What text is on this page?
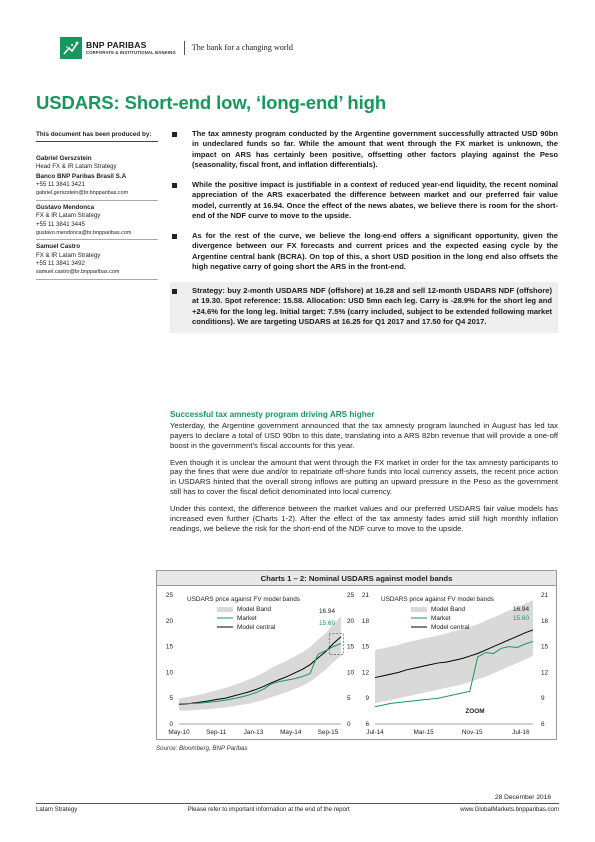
BNP PARIBAS
CORPORATE & INSTITUTIONAL BANKING
The bank for a changing world
USDARS: Short-end low, ‘long-end’ high
This document has been produced by:
Gabriel Gerszstein
Head FX & IR Latam Strategy
Banco BNP Paribas Brasil S.A
+55 11 3841 3421
gabriel.gerszstein@br.bnpparibas.com
Gustavo Mendonca
FX & IR Latam Strategy
+55 11 3841 3445
gustavo.mendonca@br.bnpparibas.com
Samuel Castro
FX & IR Latam Strategy
+55 11 3841 3492
samuel.castro@br.bnpparibas.com
The tax amnesty program conducted by the Argentine government successfully attracted USD 90bn in undeclared funds so far. While the amount that went through the FX market is unknown, the impact on ARS has certainly been positive, offsetting other factors playing against the Peso (seasonality, fiscal front, and inflation differentials).
While the positive impact is justifiable in a context of reduced year-end liquidity, the recent nominal appreciation of the ARS exacerbated the difference between market and our preferred fair value model, currently at 16.94. Once the effect of the news abates, we believe there is room for the short-end of the NDF curve to move to the upside.
As for the rest of the curve, we believe the long-end offers a significant opportunity, given the divergence between our FX forecasts and current prices and the expected easing cycle by the Argentine central bank (BCRA). On top of this, a short USD position in the long end also offsets the high negative carry of going short the ARS in the front-end.
Strategy: buy 2-month USDARS NDF (offshore) at 16.28 and sell 12-month USDARS NDF (offshore) at 19.30. Spot reference: 15.58. Allocation: USD 5mn each leg. Carry is -28.9% for the short leg and +24.6% for the long leg. Initial target: 7.5% (carry included, subject to be extended following market conditions). We are targeting USDARS at 16.25 for Q1 2017 and 17.50 for Q4 2017.
Successful tax amnesty program driving ARS higher

Yesterday, the Argentine government announced that the tax amnesty program launched in August has led tax payers to declare a total of USD 90bn to this date, translating into a ARS 82bn revenue that will provide a one-off boost in the government’s fiscal accounts for this year.

Even though it is unclear the amount that went through the FX market in order for the tax amnesty participants to pay the fines that were due and/or to repatriate off-shore funds into local currency assets, the recent price action in USDARS hinted that the overall strong inflows are putting an upward pressure in the Peso as the government still has to cover the fiscal deficit denominated into local currency.

Under this context, the difference between the market values and our preferred USDARS fair value models has increased even further (Charts 1-2). After the effect of the tax amnesty fades amid still high monthly inflation readings, we believe the risk for the short-end of the NDF curve to move to the upside.

Charts 1 – 2: Nominal USDARS against model bands
0	0
5	5
10	10
15	15
20	20
25	25
May-10	Sep-11	Jan-13	May-14	Sep-15
USDARS price against FV model bands
Model Band
Market
Model central
16.94
15.60
6	6
9	9
12	12
15	15
18	18
21	21
Jul-14	Mar-15	Nov-15	Jul-16
USDARS price against FV model bands
Model Band
Market
Model central
16.94
15.60
ZOOM
Source: Bloomberg, BNP Paribas
28 December 2016
Latam Strategy	Please refer to important information at the end of the report	www.GlobalMarkets.bnpparibas.com
